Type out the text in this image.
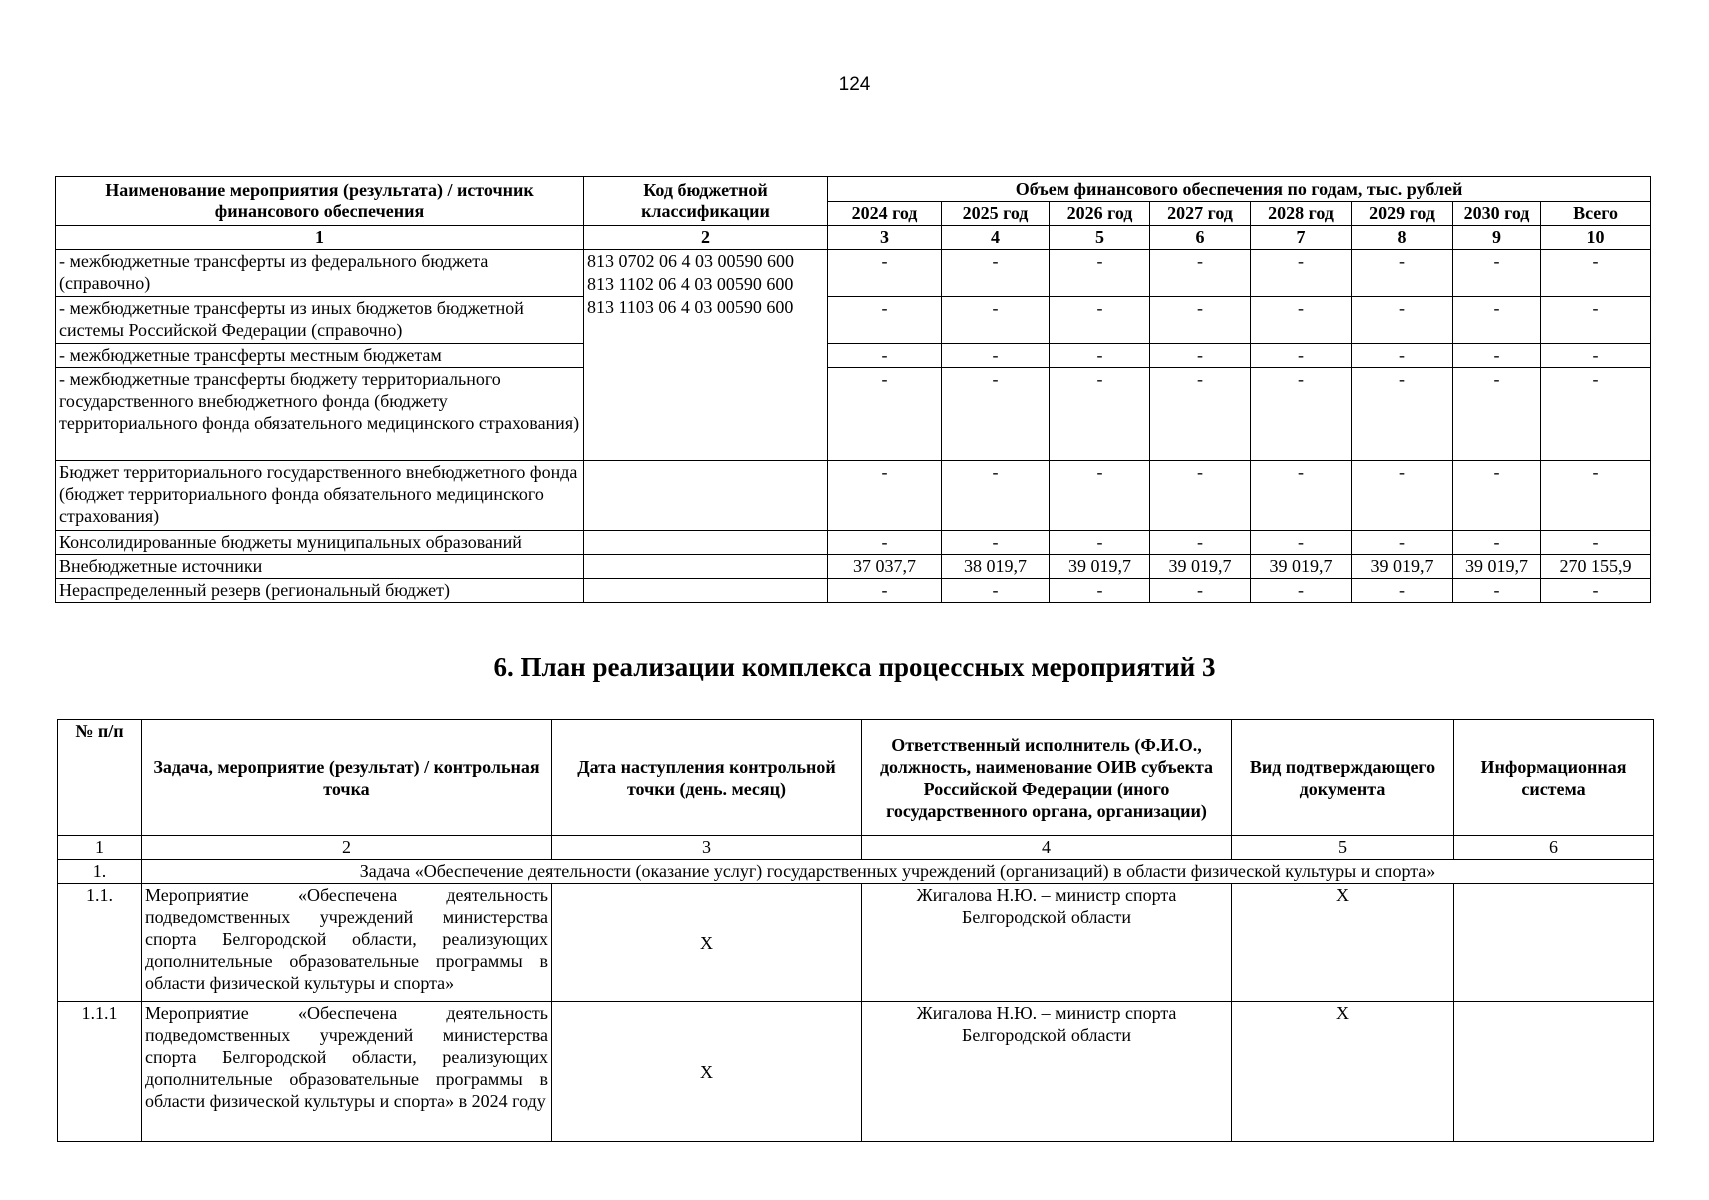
124
Наименование мероприятия (результата) / источник финансового обеспечения	Код бюджетной классификации	Объем финансового обеспечения по годам, тыс. рублей							
		2024 год	2025 год	2026 год	2027 год	2028 год	2029 год	2030 год	Всего
1	2	3	4	5	6	7	8	9	10
- межбюджетные трансферты из федерального бюджета (справочно)	813 0702 06 4 03 00590 600
813 1102 06 4 03 00590 600
813 1103 06 4 03 00590 600	-	-	-	-	-	-	-	-
- межбюджетные трансферты из иных бюджетов бюджетной системы Российской Федерации (справочно)		-	-	-	-	-	-	-	-
- межбюджетные трансферты местным бюджетам		-	-	-	-	-	-	-	-
- межбюджетные трансферты бюджету территориального государственного внебюджетного фонда (бюджету территориального фонда обязательного медицинского страхования)		-	-	-	-	-	-	-	-
Бюджет территориального государственного внебюджетного фонда (бюджет территориального фонда обязательного медицинского страхования)		-	-	-	-	-	-	-	-
Консолидированные бюджеты муниципальных образований		-	-	-	-	-	-	-	-
Внебюджетные источники		37 037,7	38 019,7	39 019,7	39 019,7	39 019,7	39 019,7	39 019,7	270 155,9
Нераспределенный резерв (региональный бюджет)		-	-	-	-	-	-	-	-
6. План реализации комплекса процессных мероприятий 3
№ п/п	Задача, мероприятие (результат) / контрольная точка	Дата наступления контрольной точки (день. месяц)	Ответственный исполнитель (Ф.И.О., должность, наименование ОИВ субъекта Российской Федерации (иного государственного органа, организации)	Вид подтверждающего документа	Информационная система
1	2	3	4	5	6
1.	Задача «Обеспечение деятельности (оказание услуг) государственных учреждений (организаций) в области физической культуры и спорта»				
1.1.	Мероприятие «Обеспечена деятельность подведомственных учреждений министерства спорта Белгородской области, реализующих дополнительные образовательные программы в области физической культуры и спорта»	Х	Жигалова Н.Ю. – министр спорта Белгородской области	Х	
1.1.1	Мероприятие «Обеспечена деятельность подведомственных учреждений министерства спорта Белгородской области, реализующих дополнительные образовательные программы в области физической культуры и спорта» в 2024 году	Х	Жигалова Н.Ю. – министр спорта Белгородской области	Х	
